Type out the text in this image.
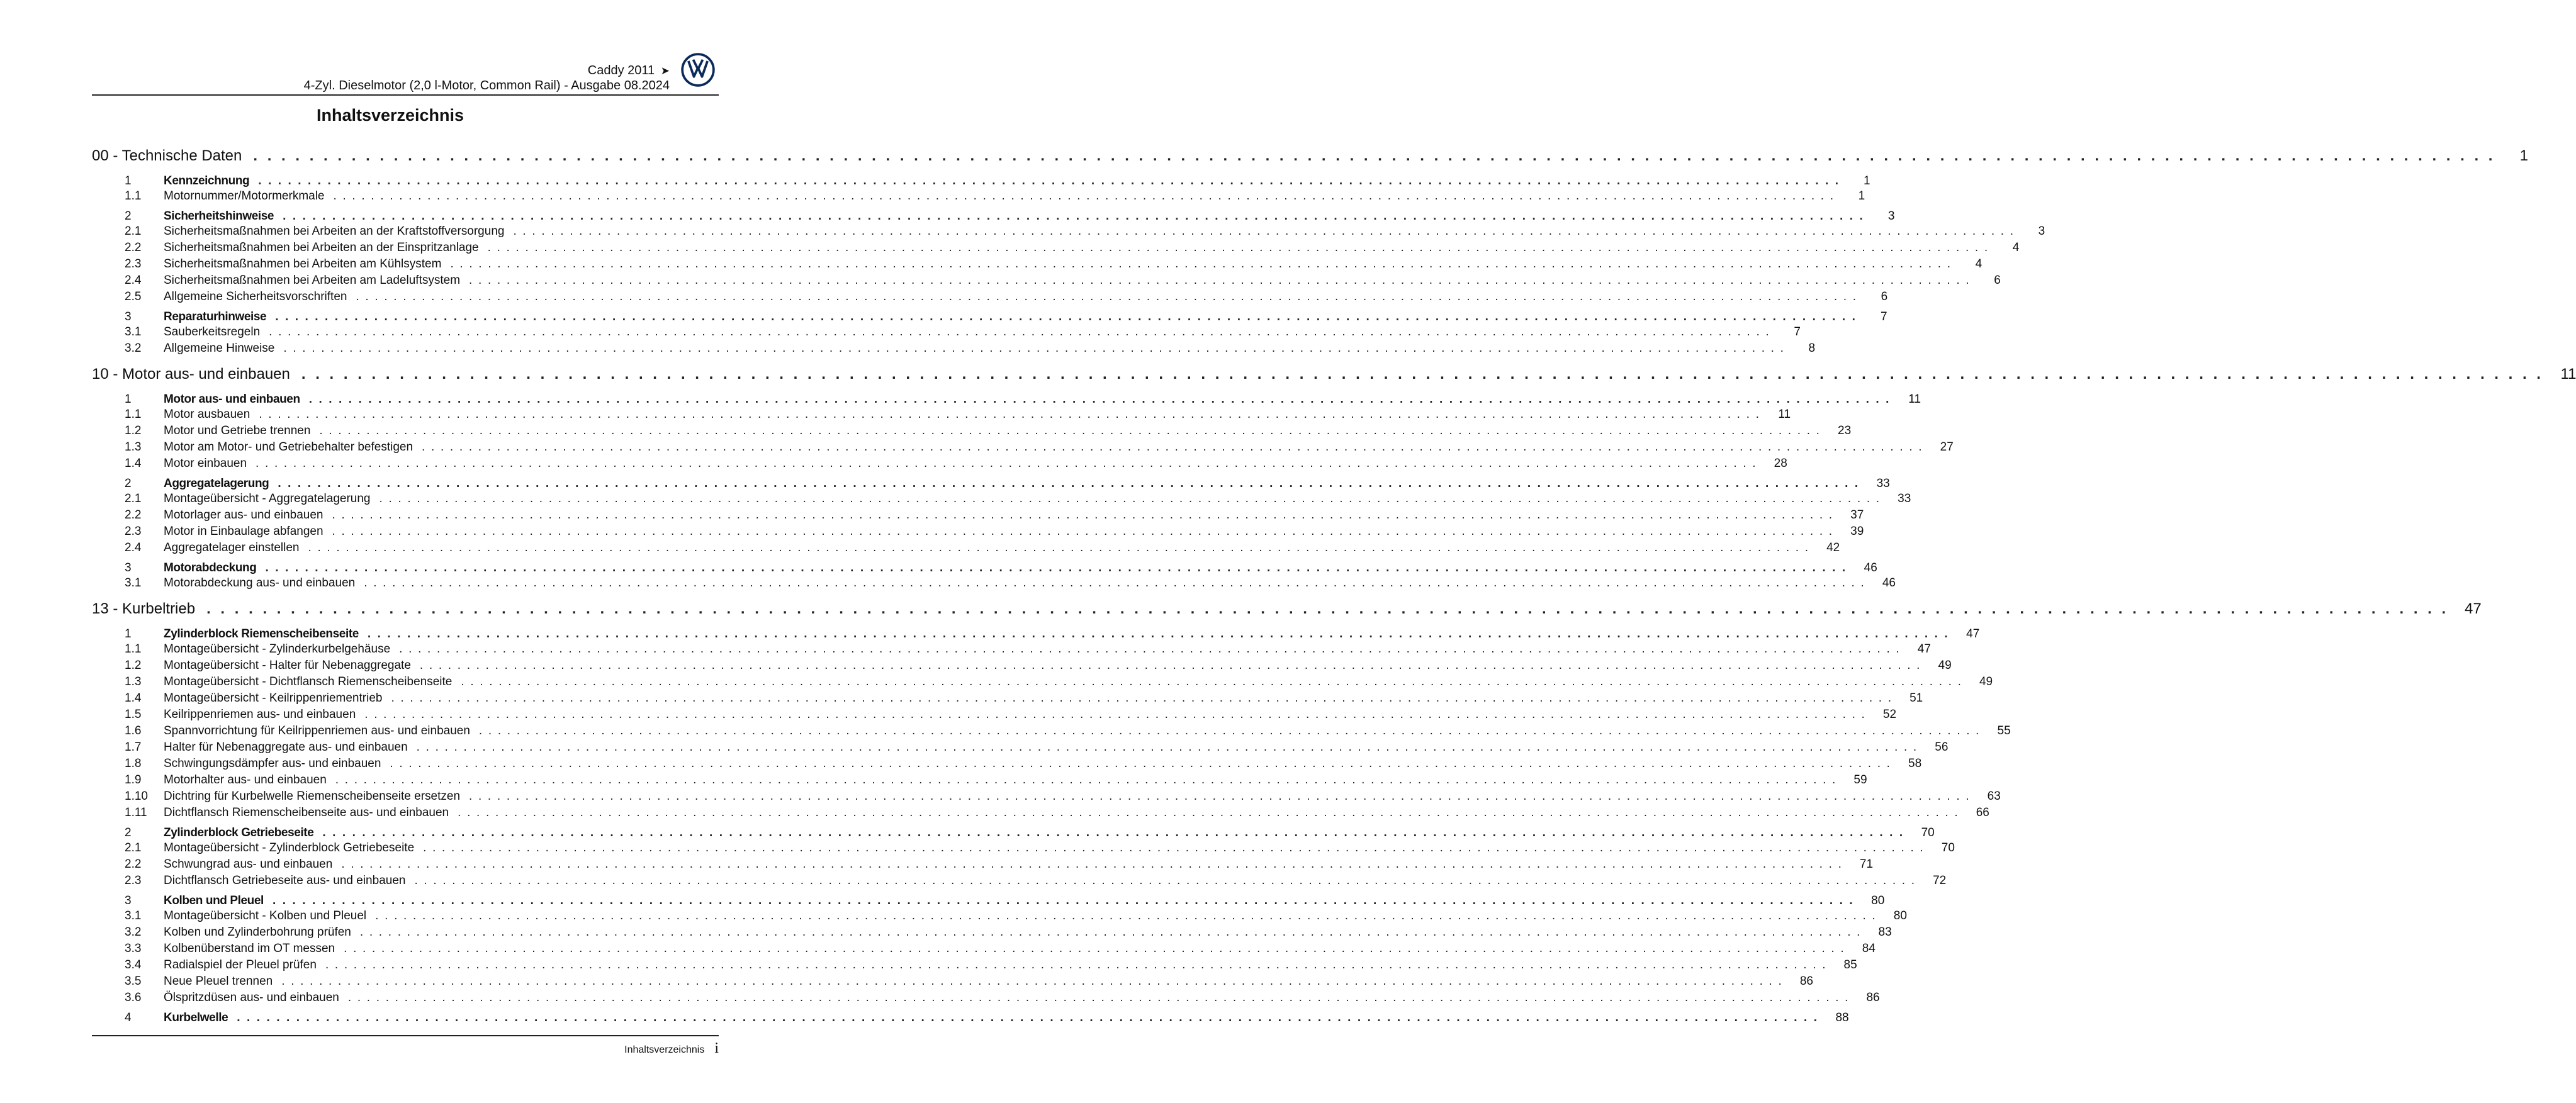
Caddy 2011 ➤
4-Zyl. Dieselmotor (2,0 l-Motor, Common Rail) - Ausgabe 08.2024
Inhaltsverzeichnis
00 - Technische Daten . . . . . . . . . . . . . . . . . . . . . . . . . . . . . . . . . . . . . . . . . . . . . . . . . . . . . . . . . . . . . . . . . . . . . . . . . . . . . . . . . . . . . . . . . . . . . . . . . . . . . . . . . . . . . . . . . . . . . . . . . . . . . . . . . . . . . . . . . . . . . . . . . . . . . . . . . . . . . . . .	1
1	Kennzeichnung . . . . . . . . . . . . . . . . . . . . . . . . . . . . . . . . . . . . . . . . . . . . . . . . . . . . . . . . . . . . . . . . . . . . . . . . . . . . . . . . . . . . . . . . . . . . . . . . . . . . . . . . . . . . . . . . . . . . . . . . . . . . . . . . . . . . . . . . . . . . . . . . . . . . . . . . . . . . . . . .	1
1.1	Motornummer/Motormerkmale . . . . . . . . . . . . . . . . . . . . . . . . . . . . . . . . . . . . . . . . . . . . . . . . . . . . . . . . . . . . . . . . . . . . . . . . . . . . . . . . . . . . . . . . . . . . . . . . . . . . . . . . . . . . . . . . . . . . . . . . . . . . . . . . . . . . . . . . . . . . . . . . . . . . . . . . . . . . . . . .	1
2	Sicherheitshinweise . . . . . . . . . . . . . . . . . . . . . . . . . . . . . . . . . . . . . . . . . . . . . . . . . . . . . . . . . . . . . . . . . . . . . . . . . . . . . . . . . . . . . . . . . . . . . . . . . . . . . . . . . . . . . . . . . . . . . . . . . . . . . . . . . . . . . . . . . . . . . . . . . . . . . . . . . . . . . . . .	3
2.1	Sicherheitsmaßnahmen bei Arbeiten an der Kraftstoffversorgung . . . . . . . . . . . . . . . . . . . . . . . . . . . . . . . . . . . . . . . . . . . . . . . . . . . . . . . . . . . . . . . . . . . . . . . . . . . . . . . . . . . . . . . . . . . . . . . . . . . . . . . . . . . . . . . . . . . . . . . . . . . . . . . . . . . . . . . . . . . . . . . . . . . . . . . . . . . . . . . .	3
2.2	Sicherheitsmaßnahmen bei Arbeiten an der Einspritzanlage . . . . . . . . . . . . . . . . . . . . . . . . . . . . . . . . . . . . . . . . . . . . . . . . . . . . . . . . . . . . . . . . . . . . . . . . . . . . . . . . . . . . . . . . . . . . . . . . . . . . . . . . . . . . . . . . . . . . . . . . . . . . . . . . . . . . . . . . . . . . . . . . . . . . . . . . . . . . . . . .	4
2.3	Sicherheitsmaßnahmen bei Arbeiten am Kühlsystem . . . . . . . . . . . . . . . . . . . . . . . . . . . . . . . . . . . . . . . . . . . . . . . . . . . . . . . . . . . . . . . . . . . . . . . . . . . . . . . . . . . . . . . . . . . . . . . . . . . . . . . . . . . . . . . . . . . . . . . . . . . . . . . . . . . . . . . . . . . . . . . . . . . . . . . . . . . . . . . .	4
2.4	Sicherheitsmaßnahmen bei Arbeiten am Ladeluftsystem . . . . . . . . . . . . . . . . . . . . . . . . . . . . . . . . . . . . . . . . . . . . . . . . . . . . . . . . . . . . . . . . . . . . . . . . . . . . . . . . . . . . . . . . . . . . . . . . . . . . . . . . . . . . . . . . . . . . . . . . . . . . . . . . . . . . . . . . . . . . . . . . . . . . . . . . . . . . . . . .	6
2.5	Allgemeine Sicherheitsvorschriften . . . . . . . . . . . . . . . . . . . . . . . . . . . . . . . . . . . . . . . . . . . . . . . . . . . . . . . . . . . . . . . . . . . . . . . . . . . . . . . . . . . . . . . . . . . . . . . . . . . . . . . . . . . . . . . . . . . . . . . . . . . . . . . . . . . . . . . . . . . . . . . . . . . . . . . . . . . . . . . .	6
3	Reparaturhinweise . . . . . . . . . . . . . . . . . . . . . . . . . . . . . . . . . . . . . . . . . . . . . . . . . . . . . . . . . . . . . . . . . . . . . . . . . . . . . . . . . . . . . . . . . . . . . . . . . . . . . . . . . . . . . . . . . . . . . . . . . . . . . . . . . . . . . . . . . . . . . . . . . . . . . . . . . . . . . . . .	7
3.1	Sauberkeitsregeln . . . . . . . . . . . . . . . . . . . . . . . . . . . . . . . . . . . . . . . . . . . . . . . . . . . . . . . . . . . . . . . . . . . . . . . . . . . . . . . . . . . . . . . . . . . . . . . . . . . . . . . . . . . . . . . . . . . . . . . . . . . . . . . . . . . . . . . . . . . . . . . . . . . . . . . . . . . . . . . .	7
3.2	Allgemeine Hinweise . . . . . . . . . . . . . . . . . . . . . . . . . . . . . . . . . . . . . . . . . . . . . . . . . . . . . . . . . . . . . . . . . . . . . . . . . . . . . . . . . . . . . . . . . . . . . . . . . . . . . . . . . . . . . . . . . . . . . . . . . . . . . . . . . . . . . . . . . . . . . . . . . . . . . . . . . . . . . . . .	8
10 - Motor aus- und einbauen . . . . . . . . . . . . . . . . . . . . . . . . . . . . . . . . . . . . . . . . . . . . . . . . . . . . . . . . . . . . . . . . . . . . . . . . . . . . . . . . . . . . . . . . . . . . . . . . . . . . . . . . . . . . . . . . . . . . . . . . . . . . . . . . . . . . . . . . . . . . . . . . . . . . . . . . . . . . . . . .	11
1	Motor aus- und einbauen . . . . . . . . . . . . . . . . . . . . . . . . . . . . . . . . . . . . . . . . . . . . . . . . . . . . . . . . . . . . . . . . . . . . . . . . . . . . . . . . . . . . . . . . . . . . . . . . . . . . . . . . . . . . . . . . . . . . . . . . . . . . . . . . . . . . . . . . . . . . . . . . . . . . . . . . . . . . . . . .	11
1.1	Motor ausbauen . . . . . . . . . . . . . . . . . . . . . . . . . . . . . . . . . . . . . . . . . . . . . . . . . . . . . . . . . . . . . . . . . . . . . . . . . . . . . . . . . . . . . . . . . . . . . . . . . . . . . . . . . . . . . . . . . . . . . . . . . . . . . . . . . . . . . . . . . . . . . . . . . . . . . . . . . . . . . . . .	11
1.2	Motor und Getriebe trennen . . . . . . . . . . . . . . . . . . . . . . . . . . . . . . . . . . . . . . . . . . . . . . . . . . . . . . . . . . . . . . . . . . . . . . . . . . . . . . . . . . . . . . . . . . . . . . . . . . . . . . . . . . . . . . . . . . . . . . . . . . . . . . . . . . . . . . . . . . . . . . . . . . . . . . . . . . . . . . . .	23
1.3	Motor am Motor- und Getriebehalter befestigen . . . . . . . . . . . . . . . . . . . . . . . . . . . . . . . . . . . . . . . . . . . . . . . . . . . . . . . . . . . . . . . . . . . . . . . . . . . . . . . . . . . . . . . . . . . . . . . . . . . . . . . . . . . . . . . . . . . . . . . . . . . . . . . . . . . . . . . . . . . . . . . . . . . . . . . . . . . . . . . .	27
1.4	Motor einbauen . . . . . . . . . . . . . . . . . . . . . . . . . . . . . . . . . . . . . . . . . . . . . . . . . . . . . . . . . . . . . . . . . . . . . . . . . . . . . . . . . . . . . . . . . . . . . . . . . . . . . . . . . . . . . . . . . . . . . . . . . . . . . . . . . . . . . . . . . . . . . . . . . . . . . . . . . . . . . . . .	28
2	Aggregatelagerung . . . . . . . . . . . . . . . . . . . . . . . . . . . . . . . . . . . . . . . . . . . . . . . . . . . . . . . . . . . . . . . . . . . . . . . . . . . . . . . . . . . . . . . . . . . . . . . . . . . . . . . . . . . . . . . . . . . . . . . . . . . . . . . . . . . . . . . . . . . . . . . . . . . . . . . . . . . . . . . .	33
2.1	Montageübersicht - Aggregatelagerung . . . . . . . . . . . . . . . . . . . . . . . . . . . . . . . . . . . . . . . . . . . . . . . . . . . . . . . . . . . . . . . . . . . . . . . . . . . . . . . . . . . . . . . . . . . . . . . . . . . . . . . . . . . . . . . . . . . . . . . . . . . . . . . . . . . . . . . . . . . . . . . . . . . . . . . . . . . . . . . .	33
2.2	Motorlager aus- und einbauen . . . . . . . . . . . . . . . . . . . . . . . . . . . . . . . . . . . . . . . . . . . . . . . . . . . . . . . . . . . . . . . . . . . . . . . . . . . . . . . . . . . . . . . . . . . . . . . . . . . . . . . . . . . . . . . . . . . . . . . . . . . . . . . . . . . . . . . . . . . . . . . . . . . . . . . . . . . . . . . .	37
2.3	Motor in Einbaulage abfangen . . . . . . . . . . . . . . . . . . . . . . . . . . . . . . . . . . . . . . . . . . . . . . . . . . . . . . . . . . . . . . . . . . . . . . . . . . . . . . . . . . . . . . . . . . . . . . . . . . . . . . . . . . . . . . . . . . . . . . . . . . . . . . . . . . . . . . . . . . . . . . . . . . . . . . . . . . . . . . . .	39
2.4	Aggregatelager einstellen . . . . . . . . . . . . . . . . . . . . . . . . . . . . . . . . . . . . . . . . . . . . . . . . . . . . . . . . . . . . . . . . . . . . . . . . . . . . . . . . . . . . . . . . . . . . . . . . . . . . . . . . . . . . . . . . . . . . . . . . . . . . . . . . . . . . . . . . . . . . . . . . . . . . . . . . . . . . . . . .	42
3	Motorabdeckung . . . . . . . . . . . . . . . . . . . . . . . . . . . . . . . . . . . . . . . . . . . . . . . . . . . . . . . . . . . . . . . . . . . . . . . . . . . . . . . . . . . . . . . . . . . . . . . . . . . . . . . . . . . . . . . . . . . . . . . . . . . . . . . . . . . . . . . . . . . . . . . . . . . . . . . . . . . . . . . .	46
3.1	Motorabdeckung aus- und einbauen . . . . . . . . . . . . . . . . . . . . . . . . . . . . . . . . . . . . . . . . . . . . . . . . . . . . . . . . . . . . . . . . . . . . . . . . . . . . . . . . . . . . . . . . . . . . . . . . . . . . . . . . . . . . . . . . . . . . . . . . . . . . . . . . . . . . . . . . . . . . . . . . . . . . . . . . . . . . . . . .	46
13 - Kurbeltrieb . . . . . . . . . . . . . . . . . . . . . . . . . . . . . . . . . . . . . . . . . . . . . . . . . . . . . . . . . . . . . . . . . . . . . . . . . . . . . . . . . . . . . . . . . . . . . . . . . . . . . . . . . . . . . . . . . . . . . . . . . . . . . . . . . . . . . . . . . . . . . . . . . . . . . . . . . . . . . . . .	47
1	Zylinderblock Riemenscheibenseite . . . . . . . . . . . . . . . . . . . . . . . . . . . . . . . . . . . . . . . . . . . . . . . . . . . . . . . . . . . . . . . . . . . . . . . . . . . . . . . . . . . . . . . . . . . . . . . . . . . . . . . . . . . . . . . . . . . . . . . . . . . . . . . . . . . . . . . . . . . . . . . . . . . . . . . . . . . . . . . .	47
1.1	Montageübersicht - Zylinderkurbelgehäuse . . . . . . . . . . . . . . . . . . . . . . . . . . . . . . . . . . . . . . . . . . . . . . . . . . . . . . . . . . . . . . . . . . . . . . . . . . . . . . . . . . . . . . . . . . . . . . . . . . . . . . . . . . . . . . . . . . . . . . . . . . . . . . . . . . . . . . . . . . . . . . . . . . . . . . . . . . . . . . . .	47
1.2	Montageübersicht - Halter für Nebenaggregate . . . . . . . . . . . . . . . . . . . . . . . . . . . . . . . . . . . . . . . . . . . . . . . . . . . . . . . . . . . . . . . . . . . . . . . . . . . . . . . . . . . . . . . . . . . . . . . . . . . . . . . . . . . . . . . . . . . . . . . . . . . . . . . . . . . . . . . . . . . . . . . . . . . . . . . . . . . . . . . .	49
1.3	Montageübersicht - Dichtflansch Riemenscheibenseite . . . . . . . . . . . . . . . . . . . . . . . . . . . . . . . . . . . . . . . . . . . . . . . . . . . . . . . . . . . . . . . . . . . . . . . . . . . . . . . . . . . . . . . . . . . . . . . . . . . . . . . . . . . . . . . . . . . . . . . . . . . . . . . . . . . . . . . . . . . . . . . . . . . . . . . . . . . . . . . .	49
1.4	Montageübersicht - Keilrippenriementrieb . . . . . . . . . . . . . . . . . . . . . . . . . . . . . . . . . . . . . . . . . . . . . . . . . . . . . . . . . . . . . . . . . . . . . . . . . . . . . . . . . . . . . . . . . . . . . . . . . . . . . . . . . . . . . . . . . . . . . . . . . . . . . . . . . . . . . . . . . . . . . . . . . . . . . . . . . . . . . . . .	51
1.5	Keilrippenriemen aus- und einbauen . . . . . . . . . . . . . . . . . . . . . . . . . . . . . . . . . . . . . . . . . . . . . . . . . . . . . . . . . . . . . . . . . . . . . . . . . . . . . . . . . . . . . . . . . . . . . . . . . . . . . . . . . . . . . . . . . . . . . . . . . . . . . . . . . . . . . . . . . . . . . . . . . . . . . . . . . . . . . . . .	52
1.6	Spannvorrichtung für Keilrippenriemen aus- und einbauen . . . . . . . . . . . . . . . . . . . . . . . . . . . . . . . . . . . . . . . . . . . . . . . . . . . . . . . . . . . . . . . . . . . . . . . . . . . . . . . . . . . . . . . . . . . . . . . . . . . . . . . . . . . . . . . . . . . . . . . . . . . . . . . . . . . . . . . . . . . . . . . . . . . . . . . . . . . . . . . .	55
1.7	Halter für Nebenaggregate aus- und einbauen . . . . . . . . . . . . . . . . . . . . . . . . . . . . . . . . . . . . . . . . . . . . . . . . . . . . . . . . . . . . . . . . . . . . . . . . . . . . . . . . . . . . . . . . . . . . . . . . . . . . . . . . . . . . . . . . . . . . . . . . . . . . . . . . . . . . . . . . . . . . . . . . . . . . . . . . . . . . . . . .	56
1.8	Schwingungsdämpfer aus- und einbauen . . . . . . . . . . . . . . . . . . . . . . . . . . . . . . . . . . . . . . . . . . . . . . . . . . . . . . . . . . . . . . . . . . . . . . . . . . . . . . . . . . . . . . . . . . . . . . . . . . . . . . . . . . . . . . . . . . . . . . . . . . . . . . . . . . . . . . . . . . . . . . . . . . . . . . . . . . . . . . . .	58
1.9	Motorhalter aus- und einbauen . . . . . . . . . . . . . . . . . . . . . . . . . . . . . . . . . . . . . . . . . . . . . . . . . . . . . . . . . . . . . . . . . . . . . . . . . . . . . . . . . . . . . . . . . . . . . . . . . . . . . . . . . . . . . . . . . . . . . . . . . . . . . . . . . . . . . . . . . . . . . . . . . . . . . . . . . . . . . . . .	59
1.10	Dichtring für Kurbelwelle Riemenscheibenseite ersetzen . . . . . . . . . . . . . . . . . . . . . . . . . . . . . . . . . . . . . . . . . . . . . . . . . . . . . . . . . . . . . . . . . . . . . . . . . . . . . . . . . . . . . . . . . . . . . . . . . . . . . . . . . . . . . . . . . . . . . . . . . . . . . . . . . . . . . . . . . . . . . . . . . . . . . . . . . . . . . . . .	63
1.11	Dichtflansch Riemenscheibenseite aus- und einbauen . . . . . . . . . . . . . . . . . . . . . . . . . . . . . . . . . . . . . . . . . . . . . . . . . . . . . . . . . . . . . . . . . . . . . . . . . . . . . . . . . . . . . . . . . . . . . . . . . . . . . . . . . . . . . . . . . . . . . . . . . . . . . . . . . . . . . . . . . . . . . . . . . . . . . . . . . . . . . . . .	66
2	Zylinderblock Getriebeseite . . . . . . . . . . . . . . . . . . . . . . . . . . . . . . . . . . . . . . . . . . . . . . . . . . . . . . . . . . . . . . . . . . . . . . . . . . . . . . . . . . . . . . . . . . . . . . . . . . . . . . . . . . . . . . . . . . . . . . . . . . . . . . . . . . . . . . . . . . . . . . . . . . . . . . . . . . . . . . . .	70
2.1	Montageübersicht - Zylinderblock Getriebeseite . . . . . . . . . . . . . . . . . . . . . . . . . . . . . . . . . . . . . . . . . . . . . . . . . . . . . . . . . . . . . . . . . . . . . . . . . . . . . . . . . . . . . . . . . . . . . . . . . . . . . . . . . . . . . . . . . . . . . . . . . . . . . . . . . . . . . . . . . . . . . . . . . . . . . . . . . . . . . . . .	70
2.2	Schwungrad aus- und einbauen . . . . . . . . . . . . . . . . . . . . . . . . . . . . . . . . . . . . . . . . . . . . . . . . . . . . . . . . . . . . . . . . . . . . . . . . . . . . . . . . . . . . . . . . . . . . . . . . . . . . . . . . . . . . . . . . . . . . . . . . . . . . . . . . . . . . . . . . . . . . . . . . . . . . . . . . . . . . . . . .	71
2.3	Dichtflansch Getriebeseite aus- und einbauen . . . . . . . . . . . . . . . . . . . . . . . . . . . . . . . . . . . . . . . . . . . . . . . . . . . . . . . . . . . . . . . . . . . . . . . . . . . . . . . . . . . . . . . . . . . . . . . . . . . . . . . . . . . . . . . . . . . . . . . . . . . . . . . . . . . . . . . . . . . . . . . . . . . . . . . . . . . . . . . .	72
3	Kolben und Pleuel . . . . . . . . . . . . . . . . . . . . . . . . . . . . . . . . . . . . . . . . . . . . . . . . . . . . . . . . . . . . . . . . . . . . . . . . . . . . . . . . . . . . . . . . . . . . . . . . . . . . . . . . . . . . . . . . . . . . . . . . . . . . . . . . . . . . . . . . . . . . . . . . . . . . . . . . . . . . . . . .	80
3.1	Montageübersicht - Kolben und Pleuel . . . . . . . . . . . . . . . . . . . . . . . . . . . . . . . . . . . . . . . . . . . . . . . . . . . . . . . . . . . . . . . . . . . . . . . . . . . . . . . . . . . . . . . . . . . . . . . . . . . . . . . . . . . . . . . . . . . . . . . . . . . . . . . . . . . . . . . . . . . . . . . . . . . . . . . . . . . . . . . .	80
3.2	Kolben und Zylinderbohrung prüfen . . . . . . . . . . . . . . . . . . . . . . . . . . . . . . . . . . . . . . . . . . . . . . . . . . . . . . . . . . . . . . . . . . . . . . . . . . . . . . . . . . . . . . . . . . . . . . . . . . . . . . . . . . . . . . . . . . . . . . . . . . . . . . . . . . . . . . . . . . . . . . . . . . . . . . . . . . . . . . . .	83
3.3	Kolbenüberstand im OT messen . . . . . . . . . . . . . . . . . . . . . . . . . . . . . . . . . . . . . . . . . . . . . . . . . . . . . . . . . . . . . . . . . . . . . . . . . . . . . . . . . . . . . . . . . . . . . . . . . . . . . . . . . . . . . . . . . . . . . . . . . . . . . . . . . . . . . . . . . . . . . . . . . . . . . . . . . . . . . . . .	84
3.4	Radialspiel der Pleuel prüfen . . . . . . . . . . . . . . . . . . . . . . . . . . . . . . . . . . . . . . . . . . . . . . . . . . . . . . . . . . . . . . . . . . . . . . . . . . . . . . . . . . . . . . . . . . . . . . . . . . . . . . . . . . . . . . . . . . . . . . . . . . . . . . . . . . . . . . . . . . . . . . . . . . . . . . . . . . . . . . . .	85
3.5	Neue Pleuel trennen . . . . . . . . . . . . . . . . . . . . . . . . . . . . . . . . . . . . . . . . . . . . . . . . . . . . . . . . . . . . . . . . . . . . . . . . . . . . . . . . . . . . . . . . . . . . . . . . . . . . . . . . . . . . . . . . . . . . . . . . . . . . . . . . . . . . . . . . . . . . . . . . . . . . . . . . . . . . . . . .	86
3.6	Ölspritzdüsen aus- und einbauen . . . . . . . . . . . . . . . . . . . . . . . . . . . . . . . . . . . . . . . . . . . . . . . . . . . . . . . . . . . . . . . . . . . . . . . . . . . . . . . . . . . . . . . . . . . . . . . . . . . . . . . . . . . . . . . . . . . . . . . . . . . . . . . . . . . . . . . . . . . . . . . . . . . . . . . . . . . . . . . .	86
4	Kurbelwelle . . . . . . . . . . . . . . . . . . . . . . . . . . . . . . . . . . . . . . . . . . . . . . . . . . . . . . . . . . . . . . . . . . . . . . . . . . . . . . . . . . . . . . . . . . . . . . . . . . . . . . . . . . . . . . . . . . . . . . . . . . . . . . . . . . . . . . . . . . . . . . . . . . . . . . . . . . . . . . . .	88
Inhaltsverzeichnis i
